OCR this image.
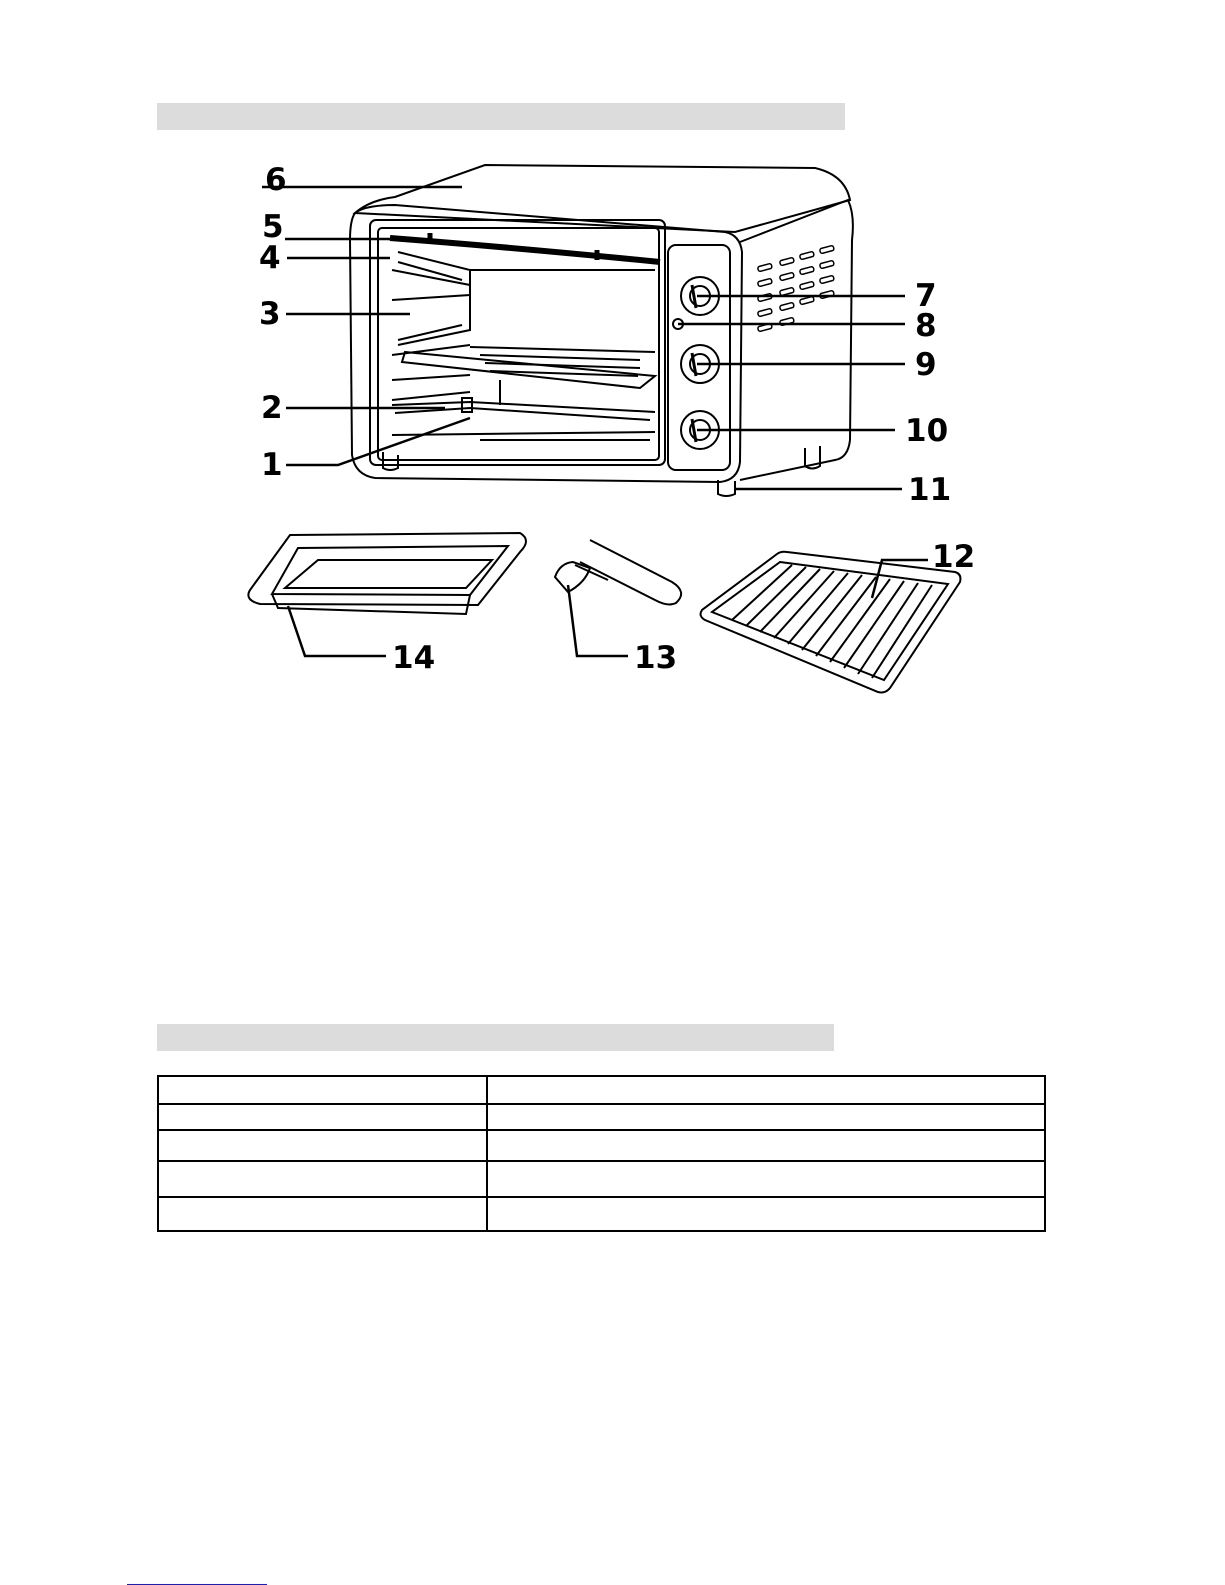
6
5
4
3
2
1
7
8
9
10
11
12
13
14
